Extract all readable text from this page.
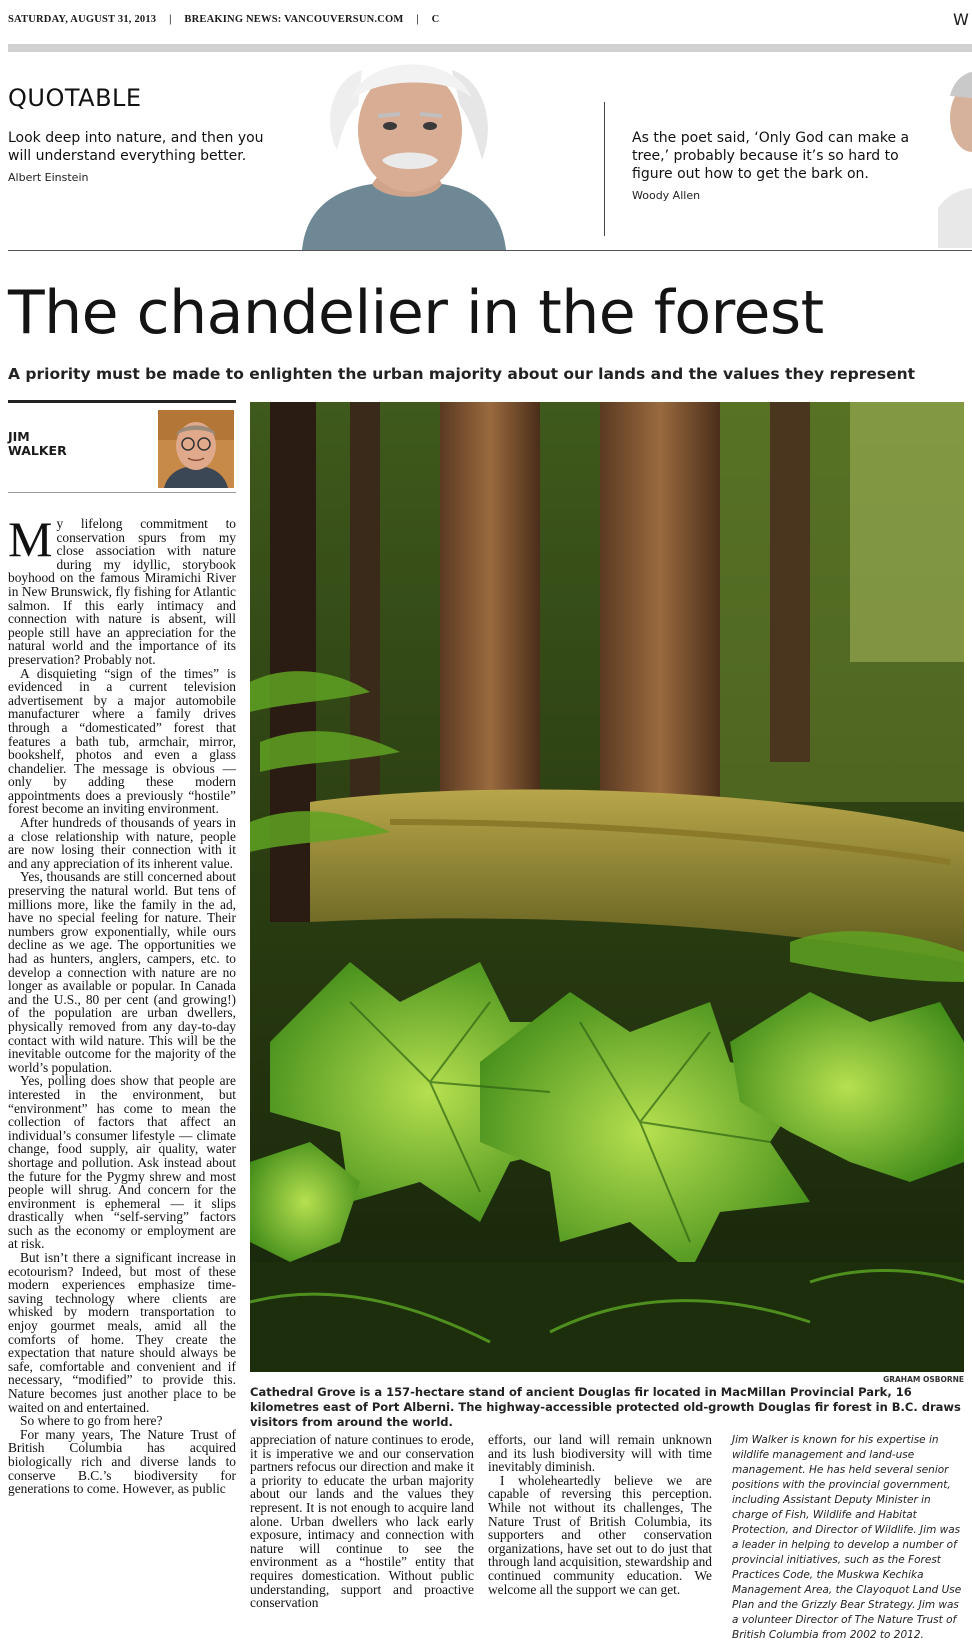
SATURDAY, AUGUST 31, 2013 | BREAKING NEWS: VANCOUVERSUN.COM | C	W
QUOTABLE
Look deep into nature, and then you will understand everything better.
Albert Einstein
As the poet said, ‘Only God can make a tree,’ probably because it’s so hard to figure out how to get the bark on.
Woody Allen
The chandelier in the forest
A priority must be made to enlighten the urban majority about our lands and the values they represent
JIM
WALKER

My lifelong commitment to conservation spurs from my close association with nature during my idyllic, storybook boyhood on the famous Miramichi River in New Brunswick, fly fishing for Atlantic salmon. If this early intimacy and connection with nature is absent, will people still have an appreciation for the natural world and the importance of its preservation? Probably not.

A disquieting “sign of the times” is evidenced in a current television advertisement by a major automobile manufacturer where a family drives through a “domesticated” forest that features a bath tub, armchair, mirror, bookshelf, photos and even a glass chandelier. The message is obvious — only by adding these modern appointments does a previously “hostile” forest become an inviting environment.

After hundreds of thousands of years in a close relationship with nature, people are now losing their connection with it and any appreciation of its inherent value.

Yes, thousands are still concerned about preserving the natural world. But tens of millions more, like the family in the ad, have no special feeling for nature. Their numbers grow exponentially, while ours decline as we age. The opportunities we had as hunters, anglers, campers, etc. to develop a connection with nature are no longer as available or popular. In Canada and the U.S., 80 per cent (and growing!) of the population are urban dwellers, physically removed from any day-to-day contact with wild nature. This will be the inevitable outcome for the majority of the world’s population.

Yes, polling does show that people are interested in the environment, but “environment” has come to mean the collection of factors that affect an individual’s consumer lifestyle — climate change, food supply, air quality, water shortage and pollution. Ask instead about the future for the Pygmy shrew and most people will shrug. And concern for the environment is ephemeral — it slips drastically when “self-serving” factors such as the economy or employment are at risk.

But isn’t there a significant increase in ecotourism? Indeed, but most of these modern experiences emphasize time-saving technology where clients are whisked by modern transportation to enjoy gourmet meals, amid all the comforts of home. They create the expectation that nature should always be safe, comfortable and convenient and if necessary, “modified” to provide this. Nature becomes just another place to be waited on and entertained.

So where to go from here?

For many years, The Nature Trust of British Columbia has acquired biologically rich and diverse lands to conserve B.C.’s biodiversity for generations to come. However, as public

GRAHAM OSBORNE
Cathedral Grove is a 157-hectare stand of ancient Douglas fir located in MacMillan Provincial Park, 16 kilometres east of Port Alberni. The highway-accessible protected old-growth Douglas fir forest in B.C. draws visitors from around the world.

appreciation of nature continues to erode, it is imperative we and our conservation partners refocus our direction and make it a priority to educate the urban majority about our lands and the values they represent. It is not enough to acquire land alone. Urban dwellers who lack early exposure, intimacy and connection with nature will continue to see the environment as a “hostile” entity that requires domestication. Without public understanding, support and proactive conservation

efforts, our land will remain unknown and its lush biodiversity will with time inevitably diminish.

I wholeheartedly believe we are capable of reversing this perception. While not without its challenges, The Nature Trust of British Columbia, its supporters and other conservation organizations, have set out to do just that through land acquisition, stewardship and continued community education. We welcome all the support we can get.

Jim Walker is known for his expertise in wildlife management and land-use management. He has held several senior positions with the provincial government, including Assistant Deputy Minister in charge of Fish, Wildlife and Habitat Protection, and Director of Wildlife. Jim was a leader in helping to develop a number of provincial initiatives, such as the Forest Practices Code, the Muskwa Kechika Management Area, the Clayoquot Land Use Plan and the Grizzly Bear Strategy. Jim was a volunteer Director of The Nature Trust of British Columbia from 2002 to 2012.
